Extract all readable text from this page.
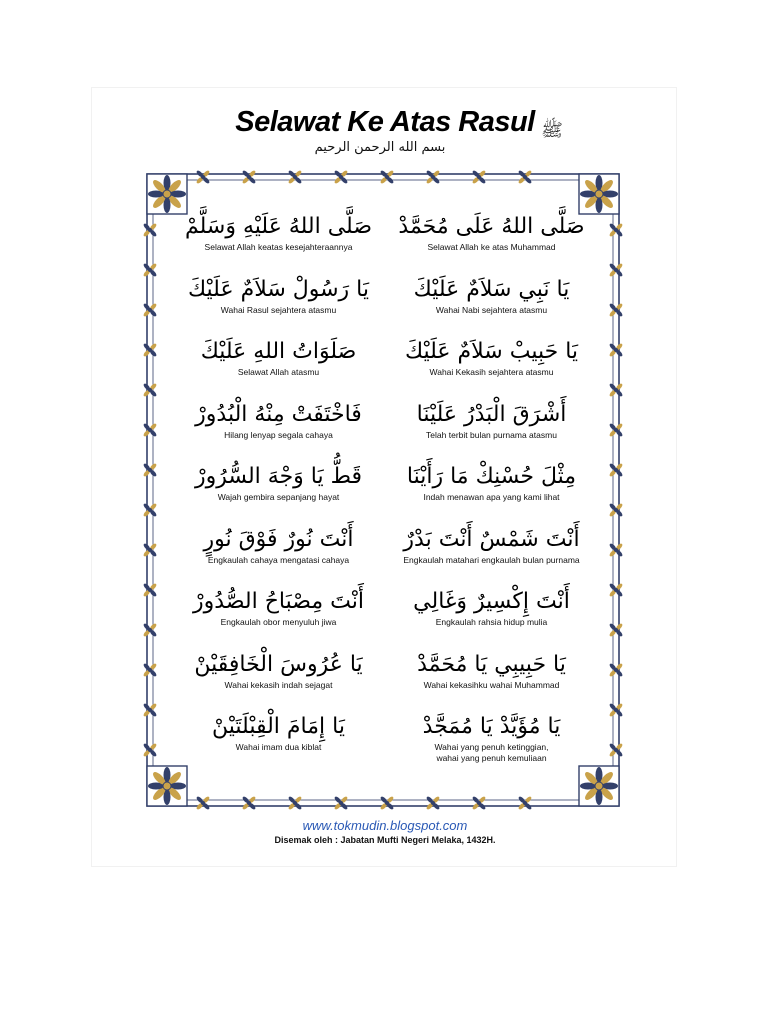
Selawat Ke Atas Rasul ﷺ
بسم الله الرحمن الرحيم
صَلَّى اللهُ عَلَيْهِ وَسَلَّمْ
Selawat Allah keatas kesejahteraannya
صَلَّى اللهُ عَلَى مُحَمَّدْ
Selawat Allah ke atas Muhammad
يَا رَسُولْ سَلاَمٌ عَلَيْكَ
Wahai Rasul sejahtera atasmu
يَا نَبِي سَلاَمٌ عَلَيْكَ
Wahai Nabi sejahtera atasmu
صَلَوَاتُ اللهِ عَلَيْكَ
Selawat Allah atasmu
يَا حَبِيبْ سَلاَمٌ عَلَيْكَ
Wahai Kekasih sejahtera atasmu
فَاخْتَفَتْ مِنْهُ الْبُدُورْ
Hilang lenyap segala cahaya
أَشْرَقَ الْبَدْرُ عَلَيْنَا
Telah terbit bulan purnama atasmu
قَطُّ يَا وَجْهَ السُّرُورْ
Wajah gembira sepanjang hayat
مِثْلَ حُسْنِكْ مَا رَأَيْنَا
Indah menawan apa yang kami lihat
أَنْتَ نُورٌ فَوْقَ نُورٍ
Engkaulah cahaya mengatasi cahaya
أَنْتَ شَمْسٌ أَنْتَ بَدْرٌ
Engkaulah matahari engkaulah bulan purnama
أَنْتَ مِصْبَاحُ الصُّدُورْ
Engkaulah obor menyuluh jiwa
أَنْتَ إِكْسِيرٌ وَغَالِي
Engkaulah rahsia hidup mulia
يَا عُرُوسَ الْخَافِقَيْنْ
Wahai kekasih indah sejagat
يَا حَبِيبِي يَا مُحَمَّدْ
Wahai kekasihku wahai Muhammad
يَا إِمَامَ الْقِبْلَتَيْنْ
Wahai imam dua kiblat
يَا مُؤَيَّدْ يَا مُمَجَّدْ
Wahai yang penuh ketinggian,
wahai yang penuh kemuliaan
www.tokmudin.blogspot.com
Disemak oleh : Jabatan Mufti Negeri Melaka, 1432H.
